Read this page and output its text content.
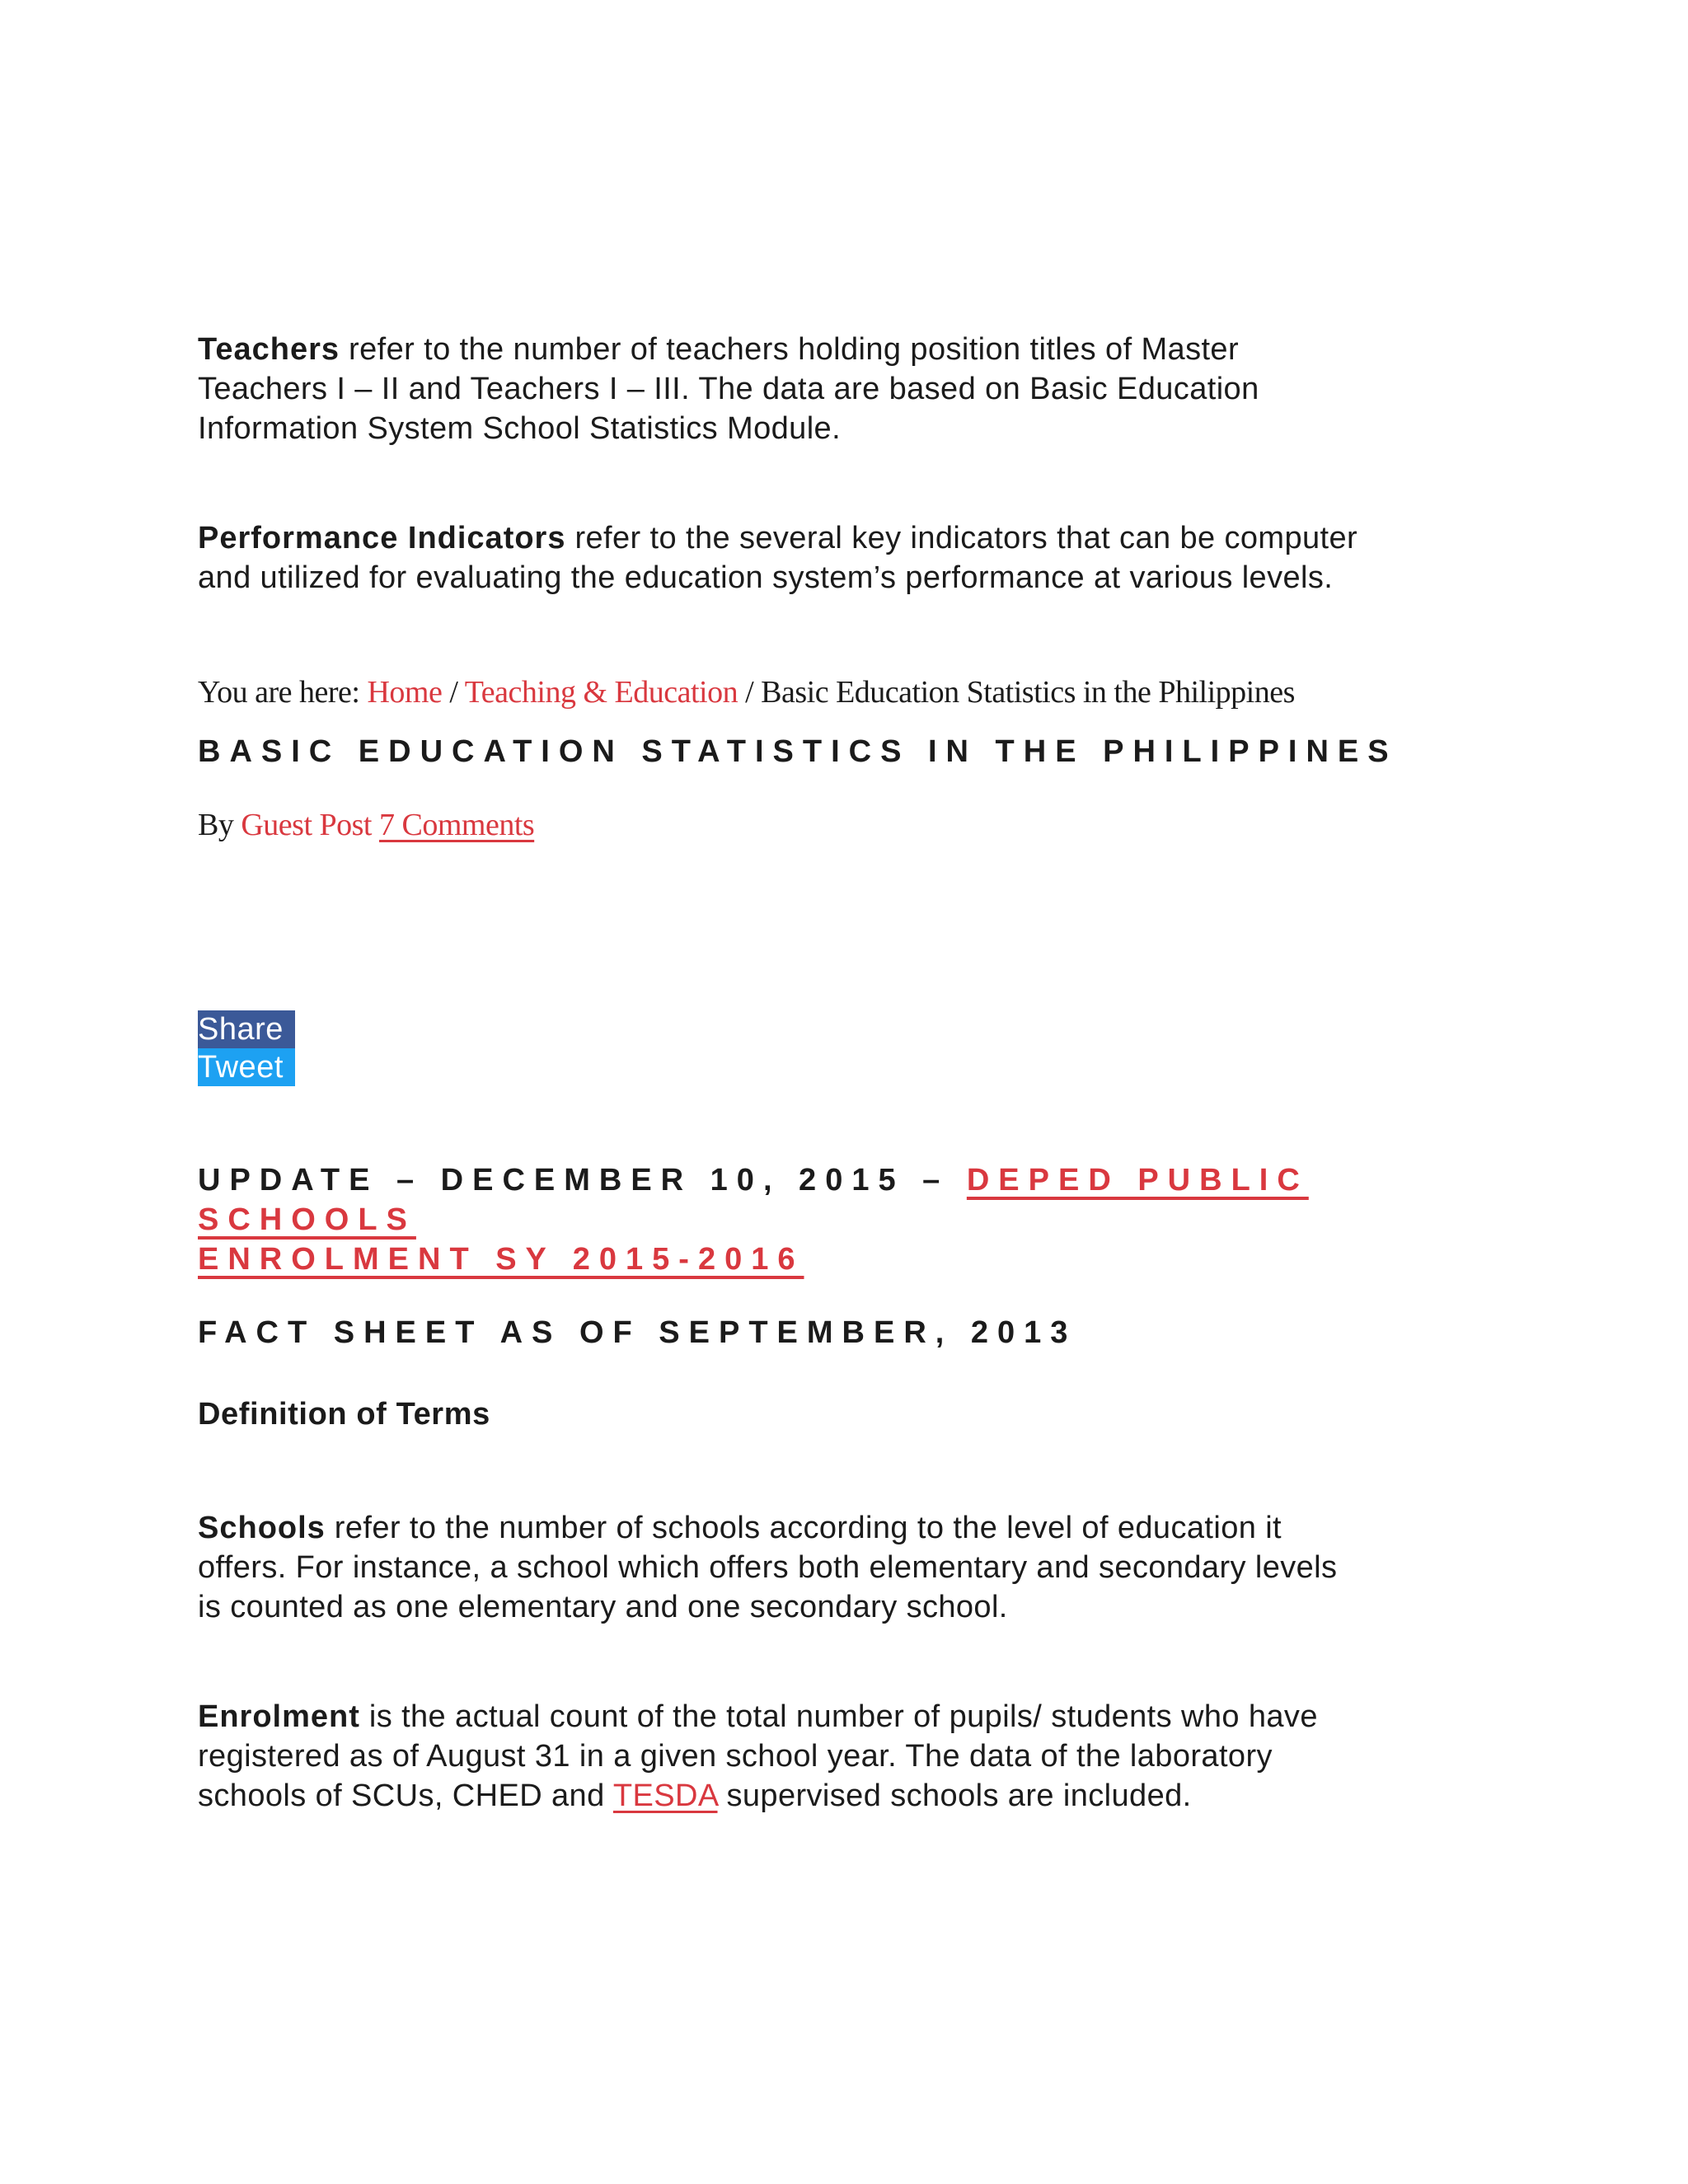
Teachers refer to the number of teachers holding position titles of Master
Teachers I – II and Teachers I – III. The data are based on Basic Education
Information System School Statistics Module.

Performance Indicators refer to the several key indicators that can be computer
and utilized for evaluating the education system’s performance at various levels.

You are here: Home / Teaching & Education / Basic Education Statistics in the Philippines
BASIC EDUCATION STATISTICS IN THE PHILIPPINES
By Guest Post 7 Comments
Share
Tweet
UPDATE – DECEMBER 10, 2015 – DEPED PUBLIC SCHOOLS
ENROLMENT SY 2015-2016
FACT SHEET AS OF SEPTEMBER, 2013
Definition of Terms

Schools refer to the number of schools according to the level of education it
offers. For instance, a school which offers both elementary and secondary levels
is counted as one elementary and one secondary school.

Enrolment is the actual count of the total number of pupils/ students who have
registered as of August 31 in a given school year. The data of the laboratory
schools of SCUs, CHED and TESDA supervised schools are included.
